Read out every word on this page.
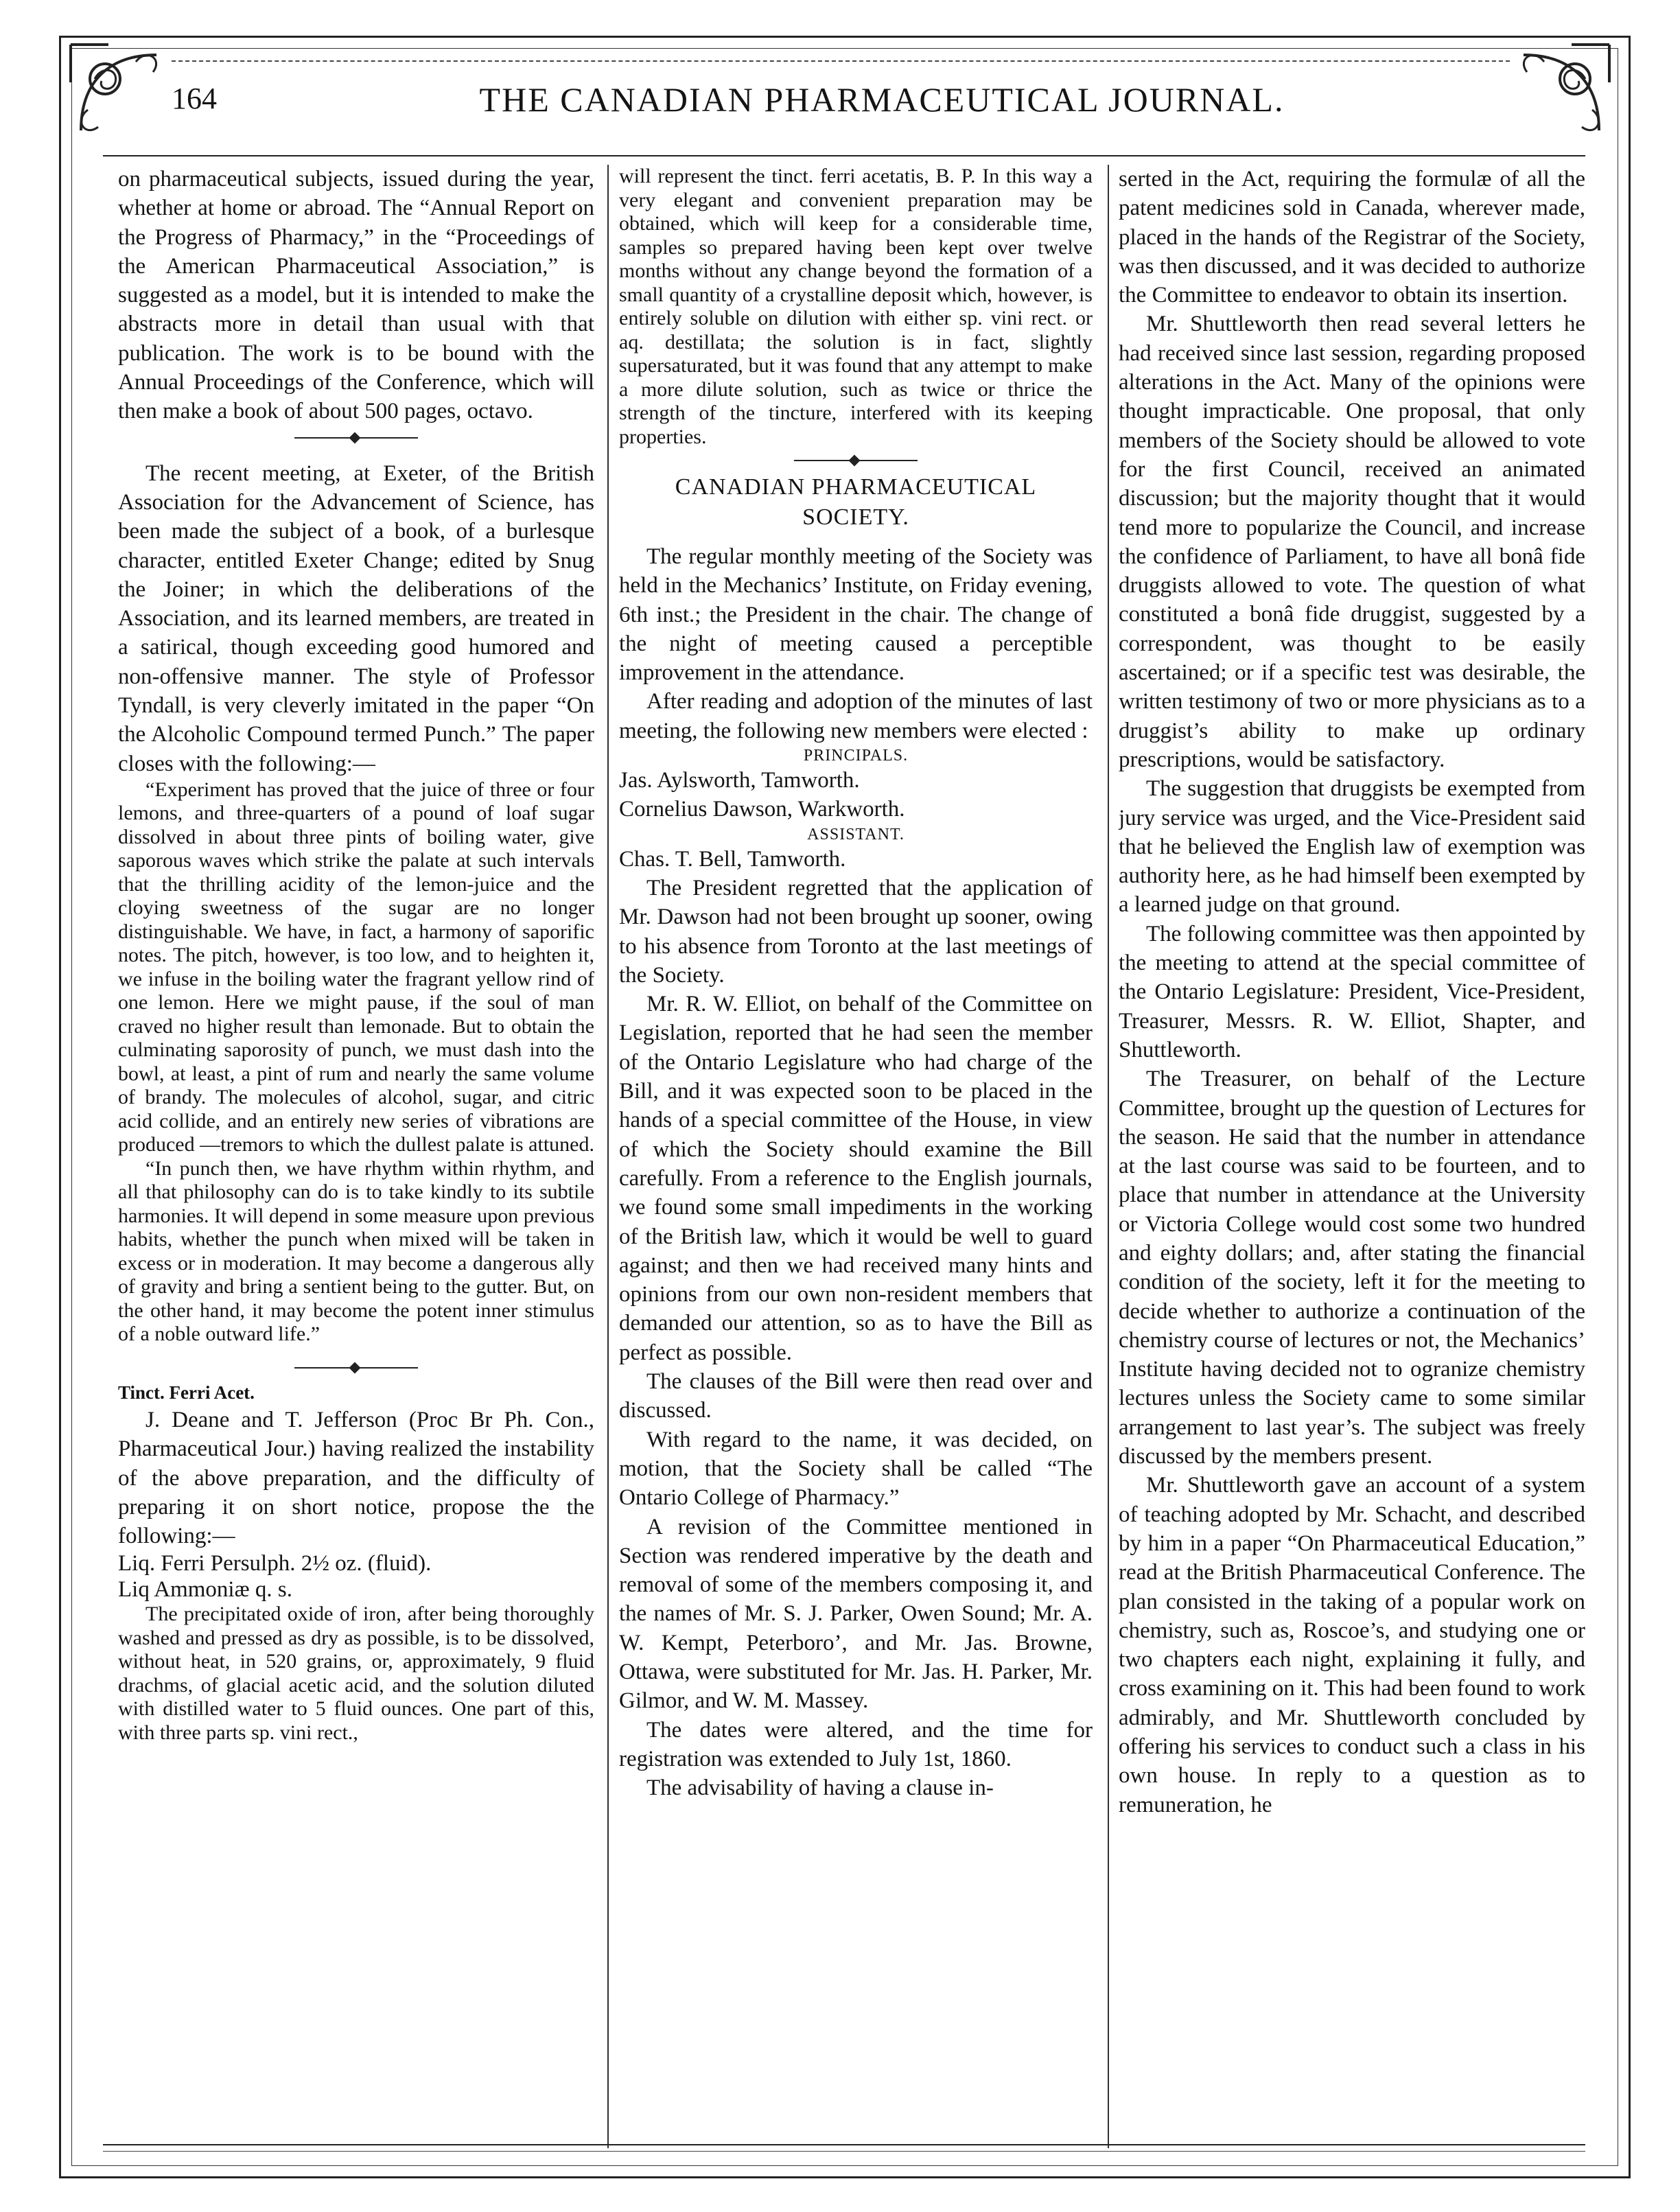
164	THE CANADIAN PHARMACEUTICAL JOURNAL.

on pharmaceutical subjects, issued during the year, whether at home or abroad. The “Annual Report on the Progress of Pharmacy,” in the “Proceedings of the American Pharmaceutical Association,” is suggested as a model, but it is intended to make the abstracts more in detail than usual with that publication. The work is to be bound with the Annual Proceedings of the Conference, which will then make a book of about 500 pages, octavo.

The recent meeting, at Exeter, of the British Association for the Advancement of Science, has been made the subject of a book, of a burlesque character, entitled Exeter Change; edited by Snug the Joiner; in which the deliberations of the Association, and its learned members, are treated in a satirical, though exceeding good humored and non-offensive manner. The style of Professor Tyndall, is very cleverly imitated in the paper “On the Alcoholic Compound termed Punch.” The paper closes with the following:—

“Experiment has proved that the juice of three or four lemons, and three-quarters of a pound of loaf sugar dissolved in about three pints of boiling water, give saporous waves which strike the palate at such intervals that the thrilling acidity of the lemon-juice and the cloying sweetness of the sugar are no longer distinguishable. We have, in fact, a harmony of saporific notes. The pitch, however, is too low, and to heighten it, we infuse in the boiling water the fragrant yellow rind of one lemon. Here we might pause, if the soul of man craved no higher result than lemonade. But to obtain the culminating saporosity of punch, we must dash into the bowl, at least, a pint of rum and nearly the same volume of brandy. The molecules of alcohol, sugar, and citric acid collide, and an entirely new series of vibrations are produced —tremors to which the dullest palate is attuned.

“In punch then, we have rhythm within rhythm, and all that philosophy can do is to take kindly to its subtile harmonies. It will depend in some measure upon previous habits, whether the punch when mixed will be taken in excess or in moderation. It may become a dangerous ally of gravity and bring a sentient being to the gutter. But, on the other hand, it may become the potent inner stimulus of a noble outward life.”

Tinct. Ferri Acet.

J. Deane and T. Jefferson (Proc Br Ph. Con., Pharmaceutical Jour.) having realized the instability of the above preparation, and the difficulty of preparing it on short notice, propose the the following:—

Liq. Ferri Persulph. 2½ oz. (fluid).

Liq Ammoniæ q. s.

The precipitated oxide of iron, after being thoroughly washed and pressed as dry as possible, is to be dissolved, without heat, in 520 grains, or, approximately, 9 fluid drachms, of glacial acetic acid, and the solution diluted with distilled water to 5 fluid ounces. One part of this, with three parts sp. vini rect.,

will represent the tinct. ferri acetatis, B. P. In this way a very elegant and convenient preparation may be obtained, which will keep for a considerable time, samples so prepared having been kept over twelve months without any change beyond the formation of a small quantity of a crystalline deposit which, however, is entirely soluble on dilution with either sp. vini rect. or aq. destillata; the solution is in fact, slightly supersaturated, but it was found that any attempt to make a more dilute solution, such as twice or thrice the strength of the tincture, interfered with its keeping properties.

CANADIAN PHARMACEUTICAL
SOCIETY.

The regular monthly meeting of the Society was held in the Mechanics’ Institute, on Friday evening, 6th inst.; the President in the chair. The change of the night of meeting caused a perceptible improvement in the attendance.

After reading and adoption of the minutes of last meeting, the following new members were elected :

PRINCIPALS.

Jas. Aylsworth, Tamworth.

Cornelius Dawson, Warkworth.

ASSISTANT.

Chas. T. Bell, Tamworth.

The President regretted that the application of Mr. Dawson had not been brought up sooner, owing to his absence from Toronto at the last meetings of the Society.

Mr. R. W. Elliot, on behalf of the Committee on Legislation, reported that he had seen the member of the Ontario Legislature who had charge of the Bill, and it was expected soon to be placed in the hands of a special committee of the House, in view of which the Society should examine the Bill carefully. From a reference to the English journals, we found some small impediments in the working of the British law, which it would be well to guard against; and then we had received many hints and opinions from our own non-resident members that demanded our attention, so as to have the Bill as perfect as possible.

The clauses of the Bill were then read over and discussed.

With regard to the name, it was decided, on motion, that the Society shall be called “The Ontario College of Pharmacy.”

A revision of the Committee mentioned in Section was rendered imperative by the death and removal of some of the members composing it, and the names of Mr. S. J. Parker, Owen Sound; Mr. A. W. Kempt, Peterboro’, and Mr. Jas. Browne, Ottawa, were substituted for Mr. Jas. H. Parker, Mr. Gilmor, and W. M. Massey.

The dates were altered, and the time for registration was extended to July 1st, 1860.

The advisability of having a clause in-

serted in the Act, requiring the formulæ of all the patent medicines sold in Canada, wherever made, placed in the hands of the Registrar of the Society, was then discussed, and it was decided to authorize the Committee to endeavor to obtain its insertion.

Mr. Shuttleworth then read several letters he had received since last session, regarding proposed alterations in the Act. Many of the opinions were thought impracticable. One proposal, that only members of the Society should be allowed to vote for the first Council, received an animated discussion; but the majority thought that it would tend more to popularize the Council, and increase the confidence of Parliament, to have all bonâ fide druggists allowed to vote. The question of what constituted a bonâ fide druggist, suggested by a correspondent, was thought to be easily ascertained; or if a specific test was desirable, the written testimony of two or more physicians as to a druggist’s ability to make up ordinary prescriptions, would be satisfactory.

The suggestion that druggists be exempted from jury service was urged, and the Vice-President said that he believed the English law of exemption was authority here, as he had himself been exempted by a learned judge on that ground.

The following committee was then appointed by the meeting to attend at the special committee of the Ontario Legislature: President, Vice-President, Treasurer, Messrs. R. W. Elliot, Shapter, and Shuttleworth.

The Treasurer, on behalf of the Lecture Committee, brought up the question of Lectures for the season. He said that the number in attendance at the last course was said to be fourteen, and to place that number in attendance at the University or Victoria College would cost some two hundred and eighty dollars; and, after stating the financial condition of the society, left it for the meeting to decide whether to authorize a continuation of the chemistry course of lectures or not, the Mechanics’ Institute having decided not to ogranize chemistry lectures unless the Society came to some similar arrangement to last year’s. The subject was freely discussed by the members present.

Mr. Shuttleworth gave an account of a system of teaching adopted by Mr. Schacht, and described by him in a paper “On Pharmaceutical Education,” read at the British Pharmaceutical Conference. The plan consisted in the taking of a popular work on chemistry, such as, Roscoe’s, and studying one or two chapters each night, explaining it fully, and cross examining on it. This had been found to work admirably, and Mr. Shuttleworth concluded by offering his services to conduct such a class in his own house. In reply to a question as to remuneration, he
